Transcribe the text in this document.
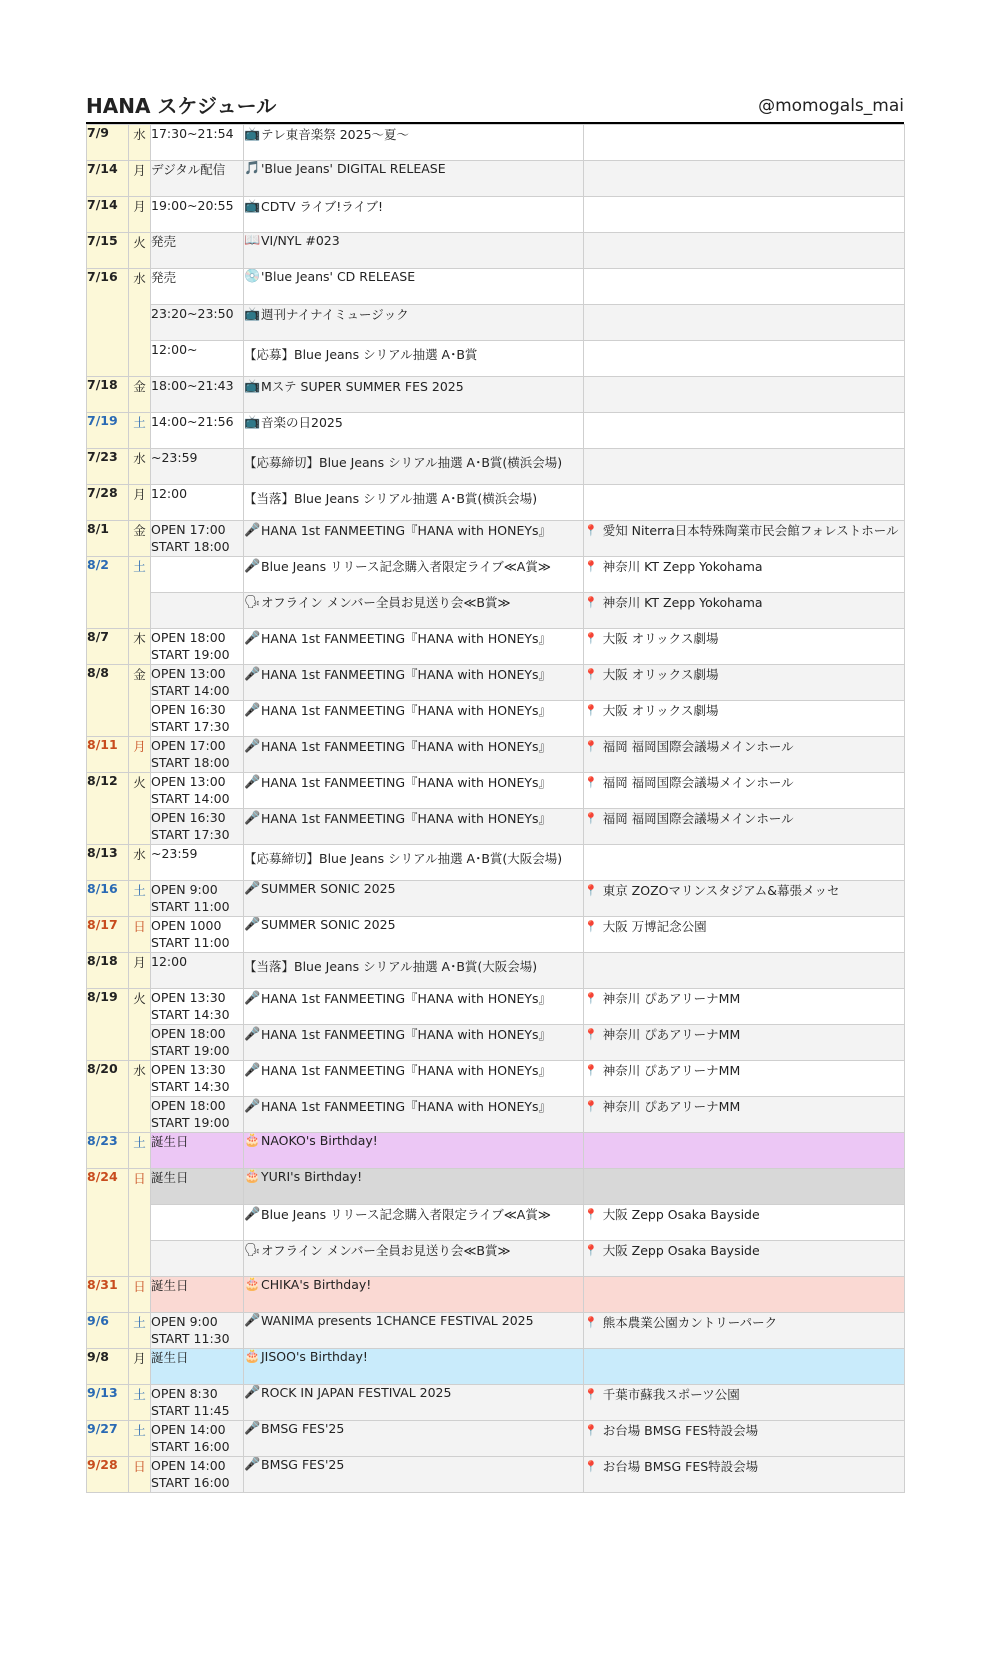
HANA スケジュール	@momogals_mai
7/9	水	17:30~21:54	📺 テレ東音楽祭 2025〜夏〜	

7/14	月	デジタル配信	🎵 'Blue Jeans' DIGITAL RELEASE	

7/14	月	19:00~20:55	📺 CDTV ライブ!ライブ!	

7/15	火	発売	📖 VI/NYL #023	

7/16	水	発売	💿 'Blue Jeans' CD RELEASE	

		23:20~23:50	📺 週刊ナイナイミュージック	

		12:00~	【応募】Blue Jeans シリアル抽選 A･B賞	

7/18	金	18:00~21:43	📺 Mステ SUPER SUMMER FES 2025	

7/19	土	14:00~21:56	📺 音楽の日2025	

7/23	水	~23:59	【応募締切】Blue Jeans シリアル抽選 A･B賞(横浜会場)	

7/28	月	12:00	【当落】Blue Jeans シリアル抽選 A･B賞(横浜会場)	

8/1	金	OPEN 17:00
START 18:00	🎤 HANA 1st FANMEETING『HANA with HONEYs』	📍 愛知 Niterra日本特殊陶業市民会館フォレストホール

8/2	土		🎤 Blue Jeans リリース記念購入者限定ライブ≪A賞≫	📍 神奈川 KT Zepp Yokohama

			🗣 オフライン メンバー全員お見送り会≪B賞≫	📍 神奈川 KT Zepp Yokohama

8/7	木	OPEN 18:00
START 19:00	🎤 HANA 1st FANMEETING『HANA with HONEYs』	📍 大阪 オリックス劇場

8/8	金	OPEN 13:00
START 14:00	🎤 HANA 1st FANMEETING『HANA with HONEYs』	📍 大阪 オリックス劇場

		OPEN 16:30
START 17:30	🎤 HANA 1st FANMEETING『HANA with HONEYs』	📍 大阪 オリックス劇場

8/11	月	OPEN 17:00
START 18:00	🎤 HANA 1st FANMEETING『HANA with HONEYs』	📍 福岡 福岡国際会議場メインホール

8/12	火	OPEN 13:00
START 14:00	🎤 HANA 1st FANMEETING『HANA with HONEYs』	📍 福岡 福岡国際会議場メインホール

		OPEN 16:30
START 17:30	🎤 HANA 1st FANMEETING『HANA with HONEYs』	📍 福岡 福岡国際会議場メインホール

8/13	水	~23:59	【応募締切】Blue Jeans シリアル抽選 A･B賞(大阪会場)	

8/16	土	OPEN 9:00
START 11:00	🎤 SUMMER SONIC 2025	📍 東京 ZOZOマリンスタジアム&幕張メッセ

8/17	日	OPEN 1000
START 11:00	🎤 SUMMER SONIC 2025	📍 大阪 万博記念公園

8/18	月	12:00	【当落】Blue Jeans シリアル抽選 A･B賞(大阪会場)	

8/19	火	OPEN 13:30
START 14:30	🎤 HANA 1st FANMEETING『HANA with HONEYs』	📍 神奈川 ぴあアリーナMM

		OPEN 18:00
START 19:00	🎤 HANA 1st FANMEETING『HANA with HONEYs』	📍 神奈川 ぴあアリーナMM

8/20	水	OPEN 13:30
START 14:30	🎤 HANA 1st FANMEETING『HANA with HONEYs』	📍 神奈川 ぴあアリーナMM

		OPEN 18:00
START 19:00	🎤 HANA 1st FANMEETING『HANA with HONEYs』	📍 神奈川 ぴあアリーナMM

8/23	土	誕生日	🎂 NAOKO's Birthday!	

8/24	日	誕生日	🎂 YURI's Birthday!	

			🎤 Blue Jeans リリース記念購入者限定ライブ≪A賞≫	📍 大阪 Zepp Osaka Bayside

			🗣 オフライン メンバー全員お見送り会≪B賞≫	📍 大阪 Zepp Osaka Bayside

8/31	日	誕生日	🎂 CHIKA's Birthday!	

9/6	土	OPEN 9:00
START 11:30	🎤 WANIMA presents 1CHANCE FESTIVAL 2025	📍 熊本農業公園カントリーパーク

9/8	月	誕生日	🎂 JISOO's Birthday!	

9/13	土	OPEN 8:30
START 11:45	🎤 ROCK IN JAPAN FESTIVAL 2025	📍 千葉市蘇我スポーツ公園

9/27	土	OPEN 14:00
START 16:00	🎤 BMSG FES'25	📍 お台場 BMSG FES特設会場

9/28	日	OPEN 14:00
START 16:00	🎤 BMSG FES'25	📍 お台場 BMSG FES特設会場
